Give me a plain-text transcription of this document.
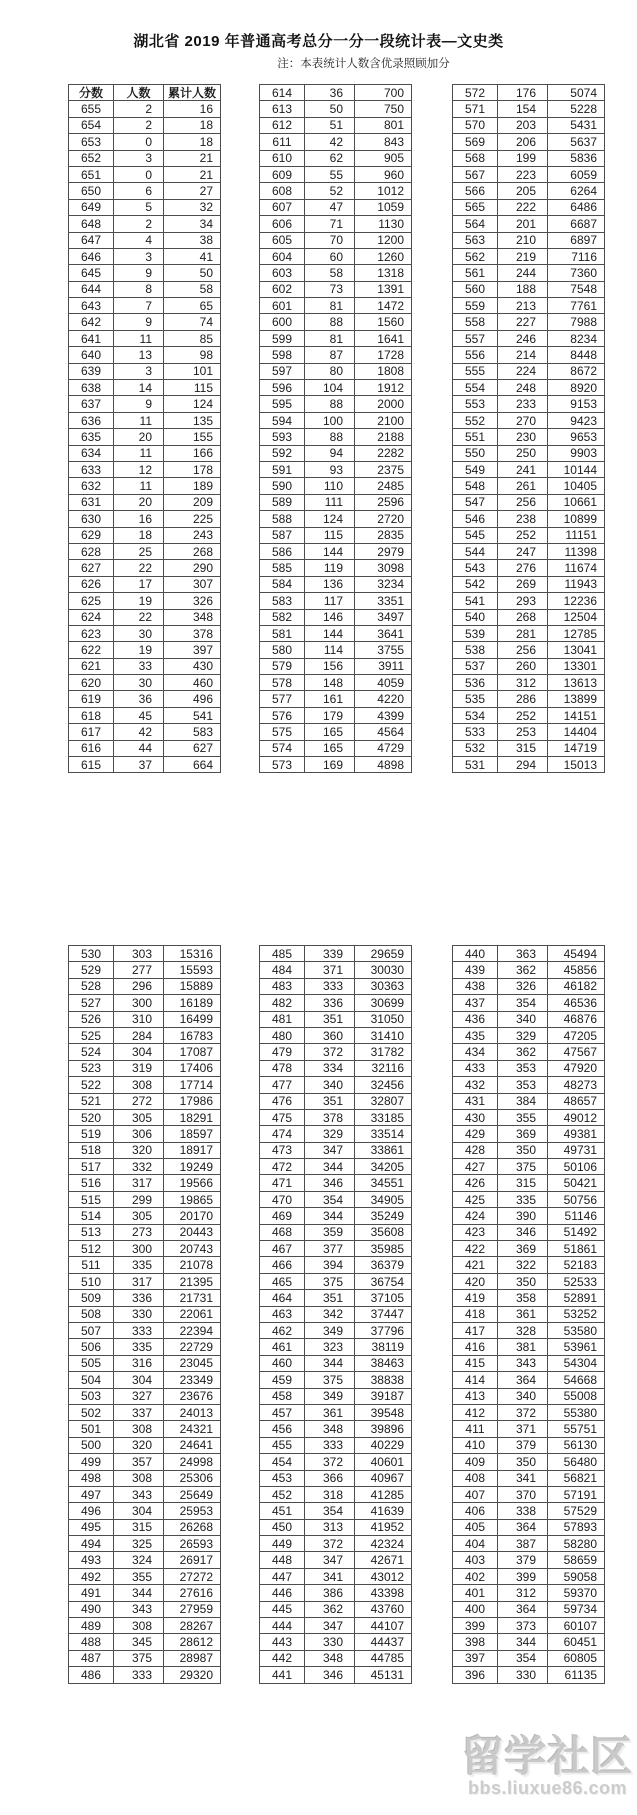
湖北省 2019 年普通高考总分一分一段统计表—文史类
注：本表统计人数含优录照顾加分
分数	人数	累计人数
655	2	16
654	2	18
653	0	18
652	3	21
651	0	21
650	6	27
649	5	32
648	2	34
647	4	38
646	3	41
645	9	50
644	8	58
643	7	65
642	9	74
641	11	85
640	13	98
639	3	101
638	14	115
637	9	124
636	11	135
635	20	155
634	11	166
633	12	178
632	11	189
631	20	209
630	16	225
629	18	243
628	25	268
627	22	290
626	17	307
625	19	326
624	22	348
623	30	378
622	19	397
621	33	430
620	30	460
619	36	496
618	45	541
617	42	583
616	44	627
615	37	664
614	36	700
613	50	750
612	51	801
611	42	843
610	62	905
609	55	960
608	52	1012
607	47	1059
606	71	1130
605	70	1200
604	60	1260
603	58	1318
602	73	1391
601	81	1472
600	88	1560
599	81	1641
598	87	1728
597	80	1808
596	104	1912
595	88	2000
594	100	2100
593	88	2188
592	94	2282
591	93	2375
590	110	2485
589	111	2596
588	124	2720
587	115	2835
586	144	2979
585	119	3098
584	136	3234
583	117	3351
582	146	3497
581	144	3641
580	114	3755
579	156	3911
578	148	4059
577	161	4220
576	179	4399
575	165	4564
574	165	4729
573	169	4898
572	176	5074
571	154	5228
570	203	5431
569	206	5637
568	199	5836
567	223	6059
566	205	6264
565	222	6486
564	201	6687
563	210	6897
562	219	7116
561	244	7360
560	188	7548
559	213	7761
558	227	7988
557	246	8234
556	214	8448
555	224	8672
554	248	8920
553	233	9153
552	270	9423
551	230	9653
550	250	9903
549	241	10144
548	261	10405
547	256	10661
546	238	10899
545	252	11151
544	247	11398
543	276	11674
542	269	11943
541	293	12236
540	268	12504
539	281	12785
538	256	13041
537	260	13301
536	312	13613
535	286	13899
534	252	14151
533	253	14404
532	315	14719
531	294	15013
530	303	15316
529	277	15593
528	296	15889
527	300	16189
526	310	16499
525	284	16783
524	304	17087
523	319	17406
522	308	17714
521	272	17986
520	305	18291
519	306	18597
518	320	18917
517	332	19249
516	317	19566
515	299	19865
514	305	20170
513	273	20443
512	300	20743
511	335	21078
510	317	21395
509	336	21731
508	330	22061
507	333	22394
506	335	22729
505	316	23045
504	304	23349
503	327	23676
502	337	24013
501	308	24321
500	320	24641
499	357	24998
498	308	25306
497	343	25649
496	304	25953
495	315	26268
494	325	26593
493	324	26917
492	355	27272
491	344	27616
490	343	27959
489	308	28267
488	345	28612
487	375	28987
486	333	29320
485	339	29659
484	371	30030
483	333	30363
482	336	30699
481	351	31050
480	360	31410
479	372	31782
478	334	32116
477	340	32456
476	351	32807
475	378	33185
474	329	33514
473	347	33861
472	344	34205
471	346	34551
470	354	34905
469	344	35249
468	359	35608
467	377	35985
466	394	36379
465	375	36754
464	351	37105
463	342	37447
462	349	37796
461	323	38119
460	344	38463
459	375	38838
458	349	39187
457	361	39548
456	348	39896
455	333	40229
454	372	40601
453	366	40967
452	318	41285
451	354	41639
450	313	41952
449	372	42324
448	347	42671
447	341	43012
446	386	43398
445	362	43760
444	347	44107
443	330	44437
442	348	44785
441	346	45131
440	363	45494
439	362	45856
438	326	46182
437	354	46536
436	340	46876
435	329	47205
434	362	47567
433	353	47920
432	353	48273
431	384	48657
430	355	49012
429	369	49381
428	350	49731
427	375	50106
426	315	50421
425	335	50756
424	390	51146
423	346	51492
422	369	51861
421	322	52183
420	350	52533
419	358	52891
418	361	53252
417	328	53580
416	381	53961
415	343	54304
414	364	54668
413	340	55008
412	372	55380
411	371	55751
410	379	56130
409	350	56480
408	341	56821
407	370	57191
406	338	57529
405	364	57893
404	387	58280
403	379	58659
402	399	59058
401	312	59370
400	364	59734
399	373	60107
398	344	60451
397	354	60805
396	330	61135
留学社区
bbs.liuxue86.com
